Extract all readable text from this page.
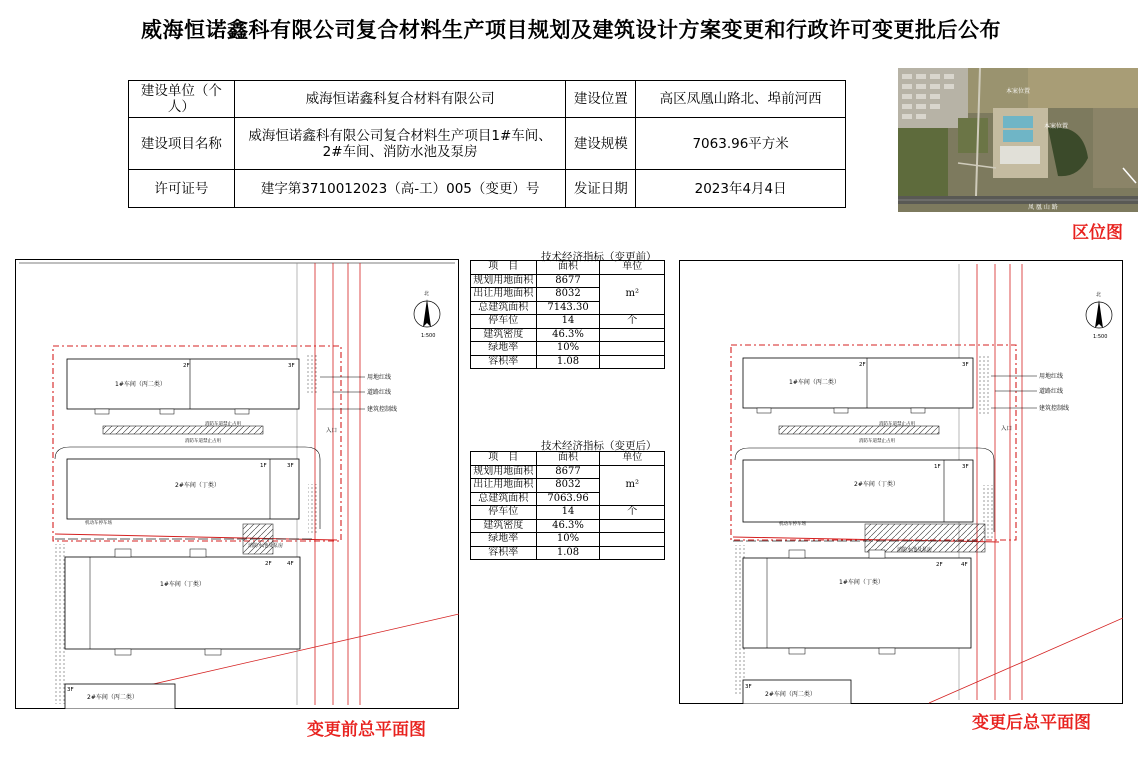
威海恒诺鑫科有限公司复合材料生产项目规划及建筑设计方案变更和行政许可变更批后公布
建设单位（个人）	威海恒诺鑫科复合材料有限公司	建设位置	高区凤凰山路北、埠前河西
建设项目名称	威海恒诺鑫科有限公司复合材料生产项目1#车间、2#车间、消防水池及泵房	建设规模	7063.96平方米
许可证号	建字第3710012023（高-工）005（变更）号	发证日期	2023年4月4日
本案位置
本案位置
凤 凰 山 路
区位图
技术经济指标（变更前）
技术经济指标（变更后）
项　目	面积	单位
规划用地面积	8677	m²
出让用地面积	8032	
总建筑面积	7143.30	
停车位	14	个
建筑密度	46.3%	
绿地率	10%	
容积率	1.08	
项　目	面积	单位
规划用地面积	8677	m²
出让用地面积	8032	
总建筑面积	7063.96	
停车位	14	个
建筑密度	46.3%	
绿地率	10%	
容积率	1.08	
1#车间（丙二类）
2F	3F
消防车道禁止占用
消防车道禁止占用
2#车间（丁类）
1F	3F
机动车停车场
消防水池及泵房
1#车间（丁类）
2F	4F
2#车间（丙二类）
3F
用地红线
道路红线
建筑控制线
入口
北
1:500
变更前总平面图
1#车间（丙二类）
2F	3F
消防车道禁止占用
消防车道禁止占用
2#车间（丁类）
1F	3F
机动车停车场
消防水池及泵房
1#车间（丁类）
2F	4F
2#车间（丙二类）
3F
用地红线
道路红线
建筑控制线
入口
北
1:500
变更后总平面图
